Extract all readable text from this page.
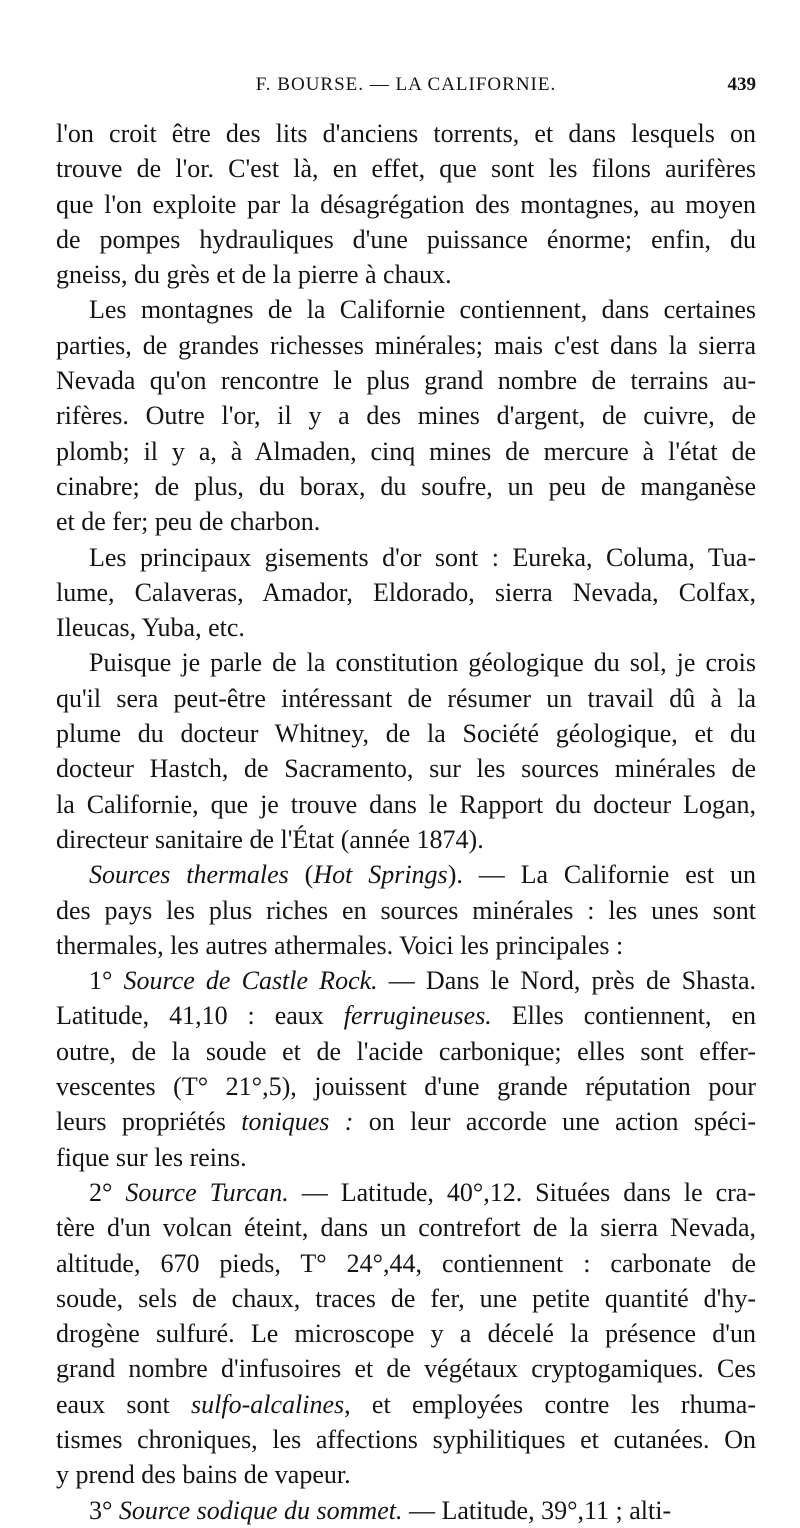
F. BOURSE. — LA CALIFORNIE.	439

l'on croit être des lits d'anciens torrents, et dans lesquels on
trouve de l'or. C'est là, en effet, que sont les filons aurifères
que l'on exploite par la désagrégation des montagnes, au moyen
de pompes hydrauliques d'une puissance énorme; enfin, du
gneiss, du grès et de la pierre à chaux.

Les montagnes de la Californie contiennent, dans certaines
parties, de grandes richesses minérales; mais c'est dans la sierra
Nevada qu'on rencontre le plus grand nombre de terrains au-
rifères. Outre l'or, il y a des mines d'argent, de cuivre, de
plomb; il y a, à Almaden, cinq mines de mercure à l'état de
cinabre; de plus, du borax, du soufre, un peu de manganèse
et de fer; peu de charbon.

Les principaux gisements d'or sont : Eureka, Columa, Tua-
lume, Calaveras, Amador, Eldorado, sierra Nevada, Colfax,
Ileucas, Yuba, etc.

Puisque je parle de la constitution géologique du sol, je crois
qu'il sera peut-être intéressant de résumer un travail dû à la
plume du docteur Whitney, de la Société géologique, et du
docteur Hastch, de Sacramento, sur les sources minérales de
la Californie, que je trouve dans le Rapport du docteur Logan,
directeur sanitaire de l'État (année 1874).

Sources thermales (Hot Springs). — La Californie est un
des pays les plus riches en sources minérales : les unes sont
thermales, les autres athermales. Voici les principales :

1° Source de Castle Rock. — Dans le Nord, près de Shasta.
Latitude, 41,10 : eaux ferrugineuses. Elles contiennent, en
outre, de la soude et de l'acide carbonique; elles sont effer-
vescentes (T° 21°,5), jouissent d'une grande réputation pour
leurs propriétés toniques : on leur accorde une action spéci-
fique sur les reins.

2° Source Turcan. — Latitude, 40°,12. Situées dans le cra-
tère d'un volcan éteint, dans un contrefort de la sierra Nevada,
altitude, 670 pieds, T° 24°,44, contiennent : carbonate de
soude, sels de chaux, traces de fer, une petite quantité d'hy-
drogène sulfuré. Le microscope y a décelé la présence d'un
grand nombre d'infusoires et de végétaux cryptogamiques. Ces
eaux sont sulfo-alcalines, et employées contre les rhuma-
tismes chroniques, les affections syphilitiques et cutanées. On
y prend des bains de vapeur.

3° Source sodique du sommet. — Latitude, 39°,11 ; alti-
